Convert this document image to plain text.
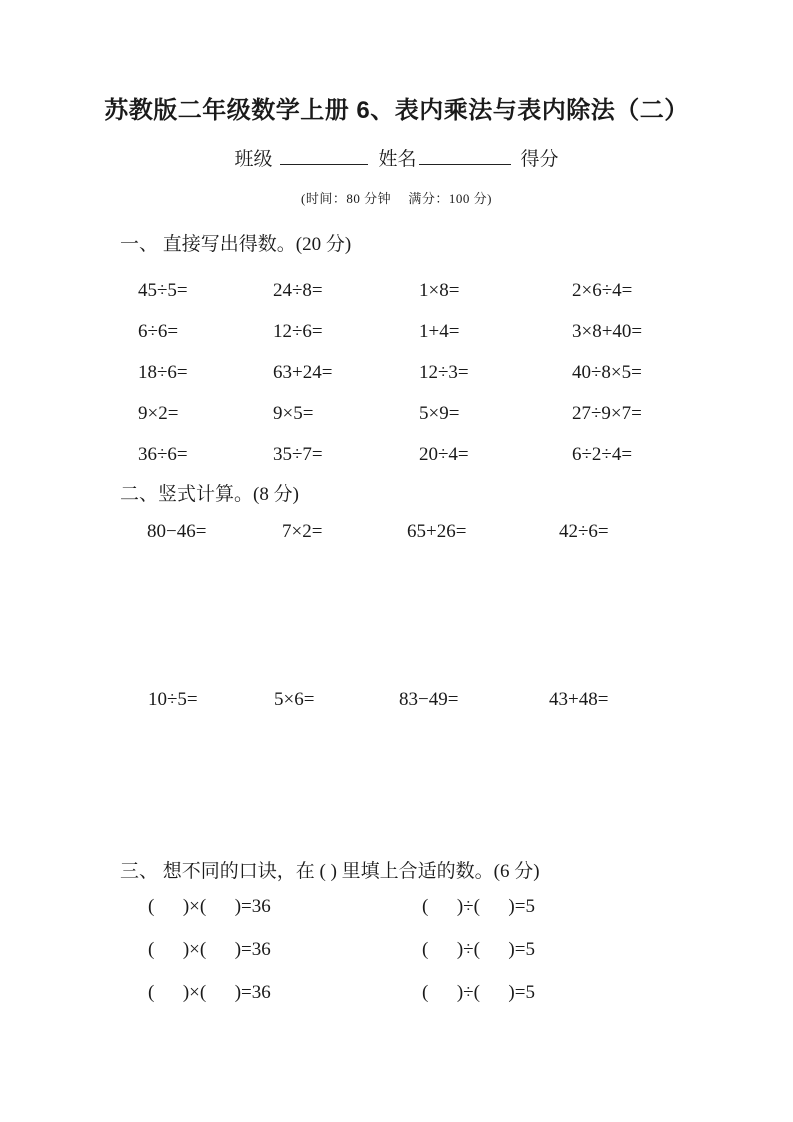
苏教版二年级数学上册 6、表内乘法与表内除法（二）
班级	姓名	得分
(时间：80 分钟　 满分：100 分)
一、 直接写出得数。(20 分)
45÷5=	24÷8=	1×8=	2×6÷4=
6÷6=	12÷6=	1+4=	3×8+40=
18÷6=	63+24=	12÷3=	40÷8×5=
9×2=	9×5=	5×9=	27÷9×7=
36÷6=	35÷7=	20÷4=	6÷2÷4=
二、竖式计算。(8 分)
80−46=	7×2=	65+26=	42÷6=
10÷5=	5×6=	83−49=	43+48=
三、 想不同的口诀，在 ( ) 里填上合适的数。(6 分)
(      )×(      )=36	(      )÷(      )=5
(      )×(      )=36	(      )÷(      )=5
(      )×(      )=36	(      )÷(      )=5
